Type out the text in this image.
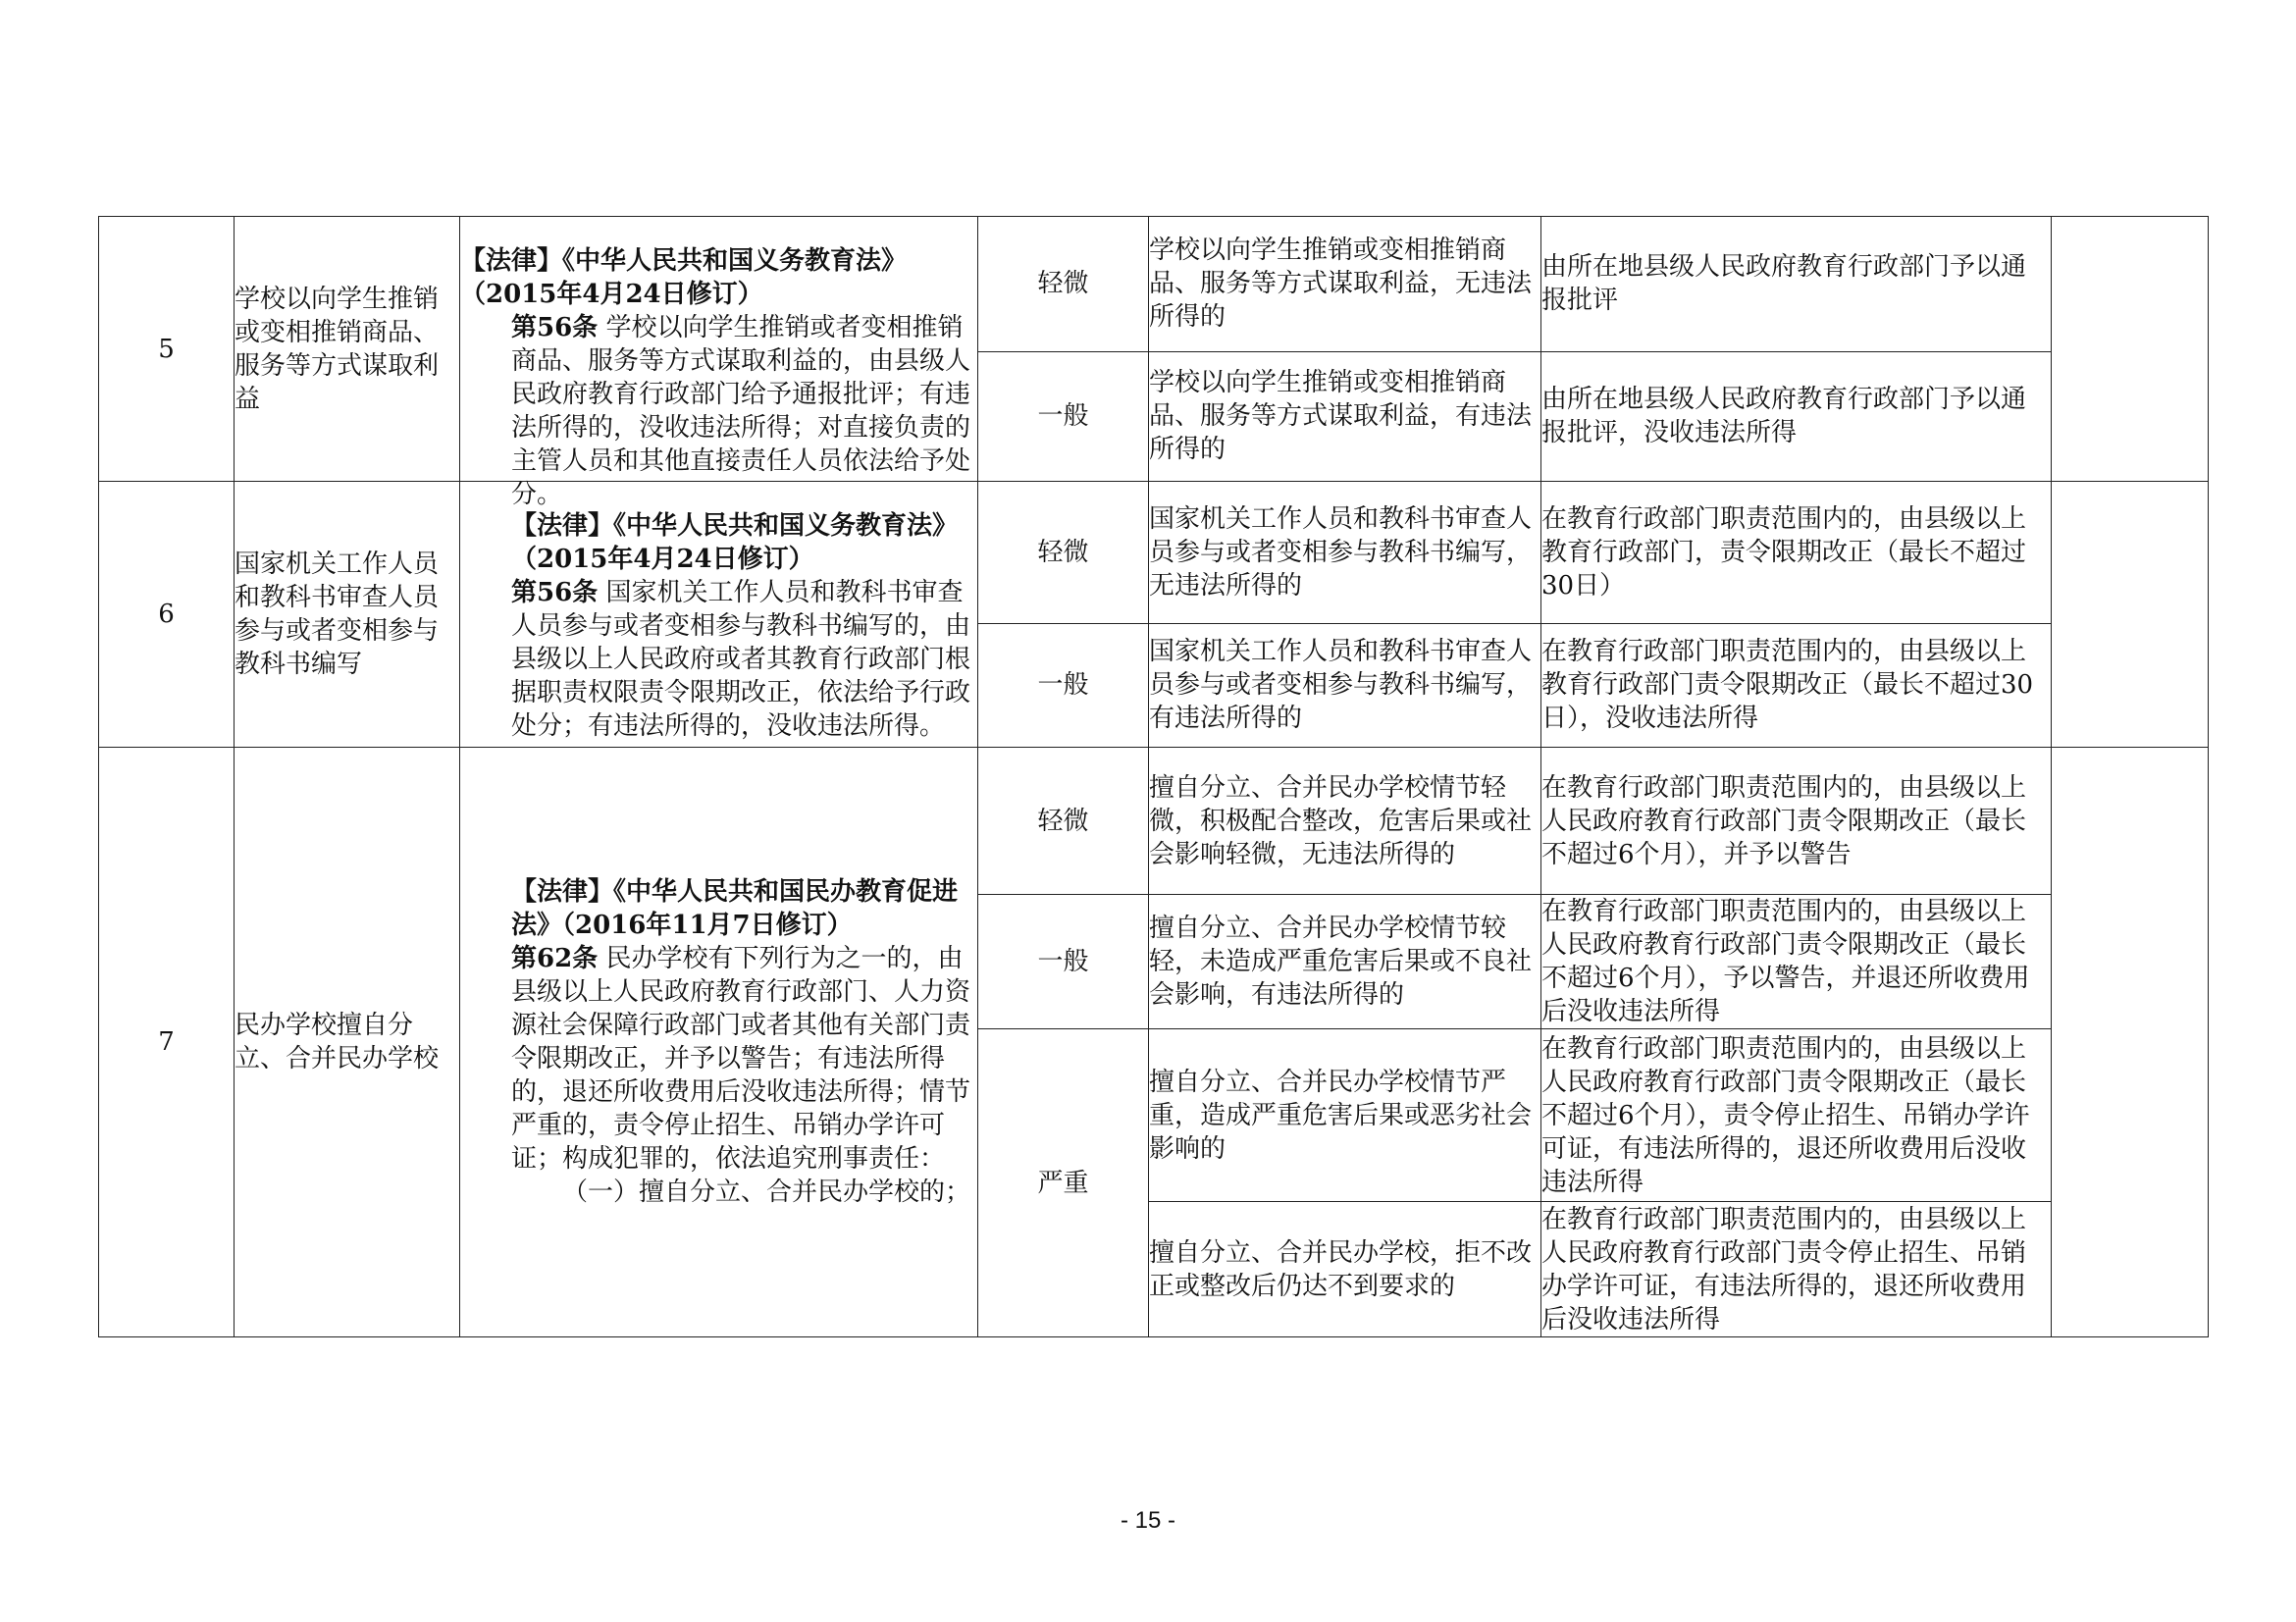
5	学校以向学生推销或变相推销商品、服务等方式谋取利益	【法律】《中华人民共和国义务教育法》（2015年4月24日修订）
第56条 学校以向学生推销或者变相推销商品、服务等方式谋取利益的，由县级人民政府教育行政部门给予通报批评；有违法所得的，没收违法所得；对直接负责的主管人员和其他直接责任人员依法给予处分。	轻微	学校以向学生推销或变相推销商品、服务等方式谋取利益，无违法所得的	由所在地县级人民政府教育行政部门予以通报批评	
			一般	学校以向学生推销或变相推销商品、服务等方式谋取利益，有违法所得的	由所在地县级人民政府教育行政部门予以通报批评，没收违法所得	
6	国家机关工作人员和教科书审查人员参与或者变相参与教科书编写	【法律】《中华人民共和国义务教育法》（2015年4月24日修订）
第56条 国家机关工作人员和教科书审查人员参与或者变相参与教科书编写的，由县级以上人民政府或者其教育行政部门根据职责权限责令限期改正，依法给予行政处分；有违法所得的，没收违法所得。	轻微	国家机关工作人员和教科书审查人员参与或者变相参与教科书编写，无违法所得的	在教育行政部门职责范围内的，由县级以上教育行政部门，责令限期改正（最长不超过30日）	
			一般	国家机关工作人员和教科书审查人员参与或者变相参与教科书编写，有违法所得的	在教育行政部门职责范围内的，由县级以上教育行政部门责令限期改正（最长不超过30日），没收违法所得	
7	民办学校擅自分立、合并民办学校	【法律】《中华人民共和国民办教育促进法》（2016年11月7日修订）
第62条 民办学校有下列行为之一的，由县级以上人民政府教育行政部门、人力资源社会保障行政部门或者其他有关部门责令限期改正，并予以警告；有违法所得的，退还所收费用后没收违法所得；情节严重的，责令停止招生、吊销办学许可证；构成犯罪的，依法追究刑事责任：
（一）擅自分立、合并民办学校的；	轻微	擅自分立、合并民办学校情节轻微，积极配合整改，危害后果或社会影响轻微，无违法所得的	在教育行政部门职责范围内的，由县级以上人民政府教育行政部门责令限期改正（最长不超过6个月），并予以警告	
			一般	擅自分立、合并民办学校情节较轻，未造成严重危害后果或不良社会影响，有违法所得的	在教育行政部门职责范围内的，由县级以上人民政府教育行政部门责令限期改正（最长不超过6个月），予以警告，并退还所收费用后没收违法所得	
			严重	擅自分立、合并民办学校情节严重，造成严重危害后果或恶劣社会影响的	在教育行政部门职责范围内的，由县级以上人民政府教育行政部门责令限期改正（最长不超过6个月），责令停止招生、吊销办学许可证，有违法所得的，退还所收费用后没收违法所得	
				擅自分立、合并民办学校，拒不改正或整改后仍达不到要求的	在教育行政部门职责范围内的，由县级以上人民政府教育行政部门责令停止招生、吊销办学许可证，有违法所得的，退还所收费用后没收违法所得	
- 15 -
